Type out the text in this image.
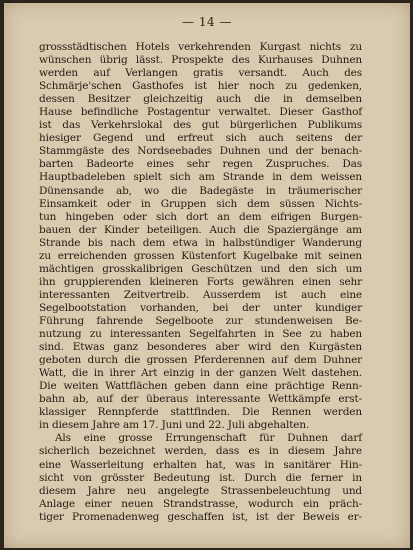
— 14 —
grossstädtischen Hotels verkehrenden Kurgast nichts zu
wünschen übrig lässt. Prospekte des Kurhauses Duhnen
werden auf Verlangen gratis versandt. Auch des
Schmärje'schen Gasthofes ist hier noch zu gedenken,
dessen Besitzer gleichzeitig auch die in demselben
Hause befindliche Postagentur verwaltet. Dieser Gasthof
ist das Verkehrslokal des gut bürgerlichen Publikums
hiesiger Gegend und erfreut sich auch seitens der
Stammgäste des Nordseebades Duhnen und der benach-
barten Badeorte eines sehr regen Zuspruches. Das
Hauptbadeleben spielt sich am Strande in dem weissen
Dünensande ab, wo die Badegäste in träumerischer
Einsamkeit oder in Gruppen sich dem süssen Nichts-
tun hingeben oder sich dort an dem eifrigen Burgen-
bauen der Kinder beteiligen. Auch die Spaziergänge am
Strande bis nach dem etwa in halbstündiger Wanderung
zu erreichenden grossen Küstenfort Kugelbake mit seinen
mächtigen grosskalibrigen Geschützen und den sich um
ihn gruppierenden kleineren Forts gewähren einen sehr
interessanten Zeitvertreib. Ausserdem ist auch eine
Segelbootstation vorhanden, bei der unter kundiger
Führung fahrende Segelboote zur stundenweisen Be-
nutzung zu interessanten Segelfahrten in See zu haben
sind. Etwas ganz besonderes aber wird den Kurgästen
geboten durch die grossen Pferderennen auf dem Duhner
Watt, die in ihrer Art einzig in der ganzen Welt dastehen.
Die weiten Wattflächen geben dann eine prächtige Renn-
bahn ab, auf der überaus interessante Wettkämpfe erst-
klassiger Rennpferde stattfinden. Die Rennen werden
in diesem Jahre am 17. Juni und 22. Juli abgehalten.
Als eine grosse Errungenschaft für Duhnen darf
sicherlich bezeichnet werden, dass es in diesem Jahre
eine Wasserleitung erhalten hat, was in sanitärer Hin-
sicht von grösster Bedeutung ist. Durch die ferner in
diesem Jahre neu angelegte Strassenbeleuchtung und
Anlage einer neuen Strandstrasse, wodurch ein präch-
tiger Promenadenweg geschaffen ist, ist der Beweis er-
